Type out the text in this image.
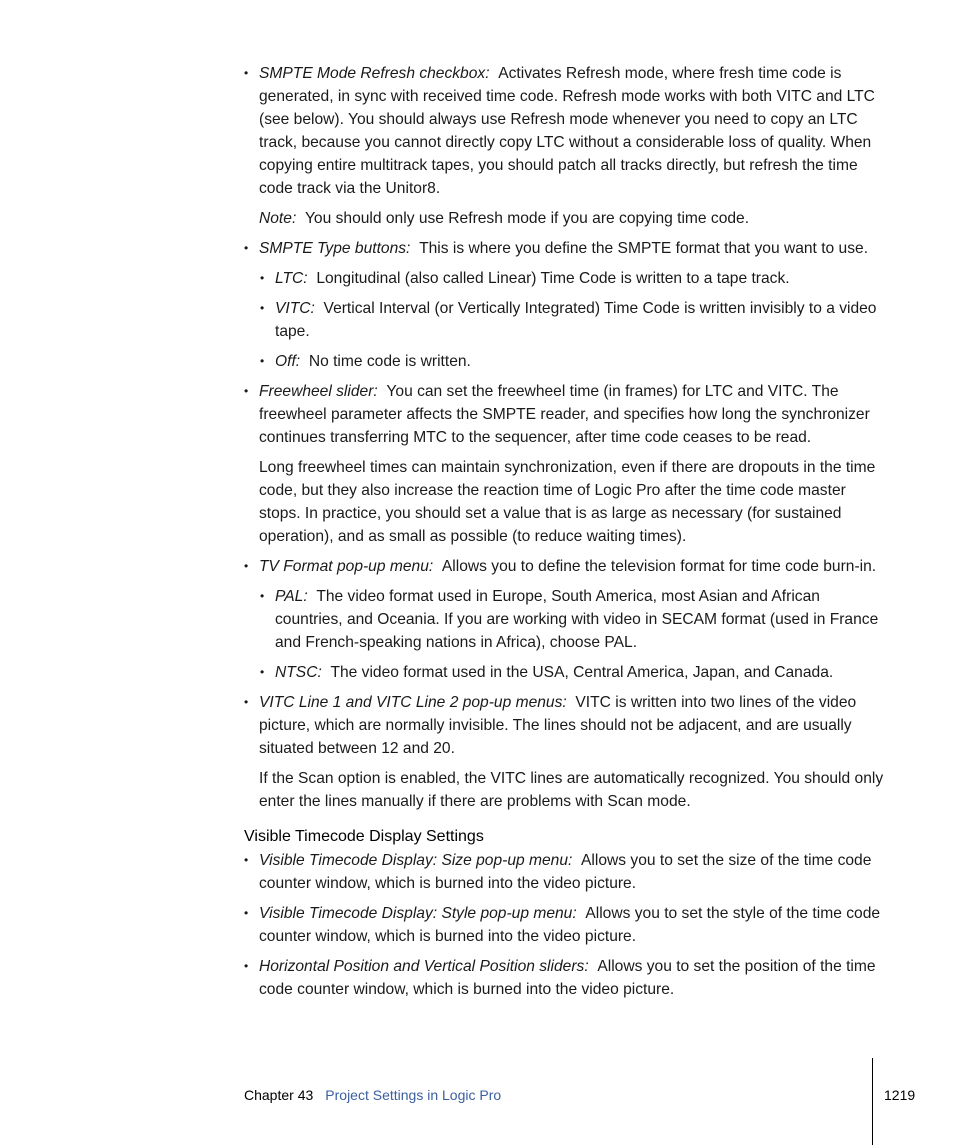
• SMPTE Mode Refresh checkbox: Activates Refresh mode, where fresh time code is generated, in sync with received time code. Refresh mode works with both VITC and LTC (see below). You should always use Refresh mode whenever you need to copy an LTC track, because you cannot directly copy LTC without a considerable loss of quality. When copying entire multitrack tapes, you should patch all tracks directly, but refresh the time code track via the Unitor8.
Note: You should only use Refresh mode if you are copying time code.
• SMPTE Type buttons: This is where you define the SMPTE format that you want to use.
• LTC: Longitudinal (also called Linear) Time Code is written to a tape track.
• VITC: Vertical Interval (or Vertically Integrated) Time Code is written invisibly to a video tape.
• Off: No time code is written.
• Freewheel slider: You can set the freewheel time (in frames) for LTC and VITC. The freewheel parameter affects the SMPTE reader, and specifies how long the synchronizer continues transferring MTC to the sequencer, after time code ceases to be read.
Long freewheel times can maintain synchronization, even if there are dropouts in the time code, but they also increase the reaction time of Logic Pro after the time code master stops. In practice, you should set a value that is as large as necessary (for sustained operation), and as small as possible (to reduce waiting times).
• TV Format pop-up menu: Allows you to define the television format for time code burn-in.
• PAL: The video format used in Europe, South America, most Asian and African countries, and Oceania. If you are working with video in SECAM format (used in France and French-speaking nations in Africa), choose PAL.
• NTSC: The video format used in the USA, Central America, Japan, and Canada.
• VITC Line 1 and VITC Line 2 pop-up menus: VITC is written into two lines of the video picture, which are normally invisible. The lines should not be adjacent, and are usually situated between 12 and 20.
If the Scan option is enabled, the VITC lines are automatically recognized. You should only enter the lines manually if there are problems with Scan mode.
Visible Timecode Display Settings
• Visible Timecode Display: Size pop-up menu: Allows you to set the size of the time code counter window, which is burned into the video picture.
• Visible Timecode Display: Style pop-up menu: Allows you to set the style of the time code counter window, which is burned into the video picture.
• Horizontal Position and Vertical Position sliders: Allows you to set the position of the time code counter window, which is burned into the video picture.
Chapter 43 Project Settings in Logic Pro	1219
